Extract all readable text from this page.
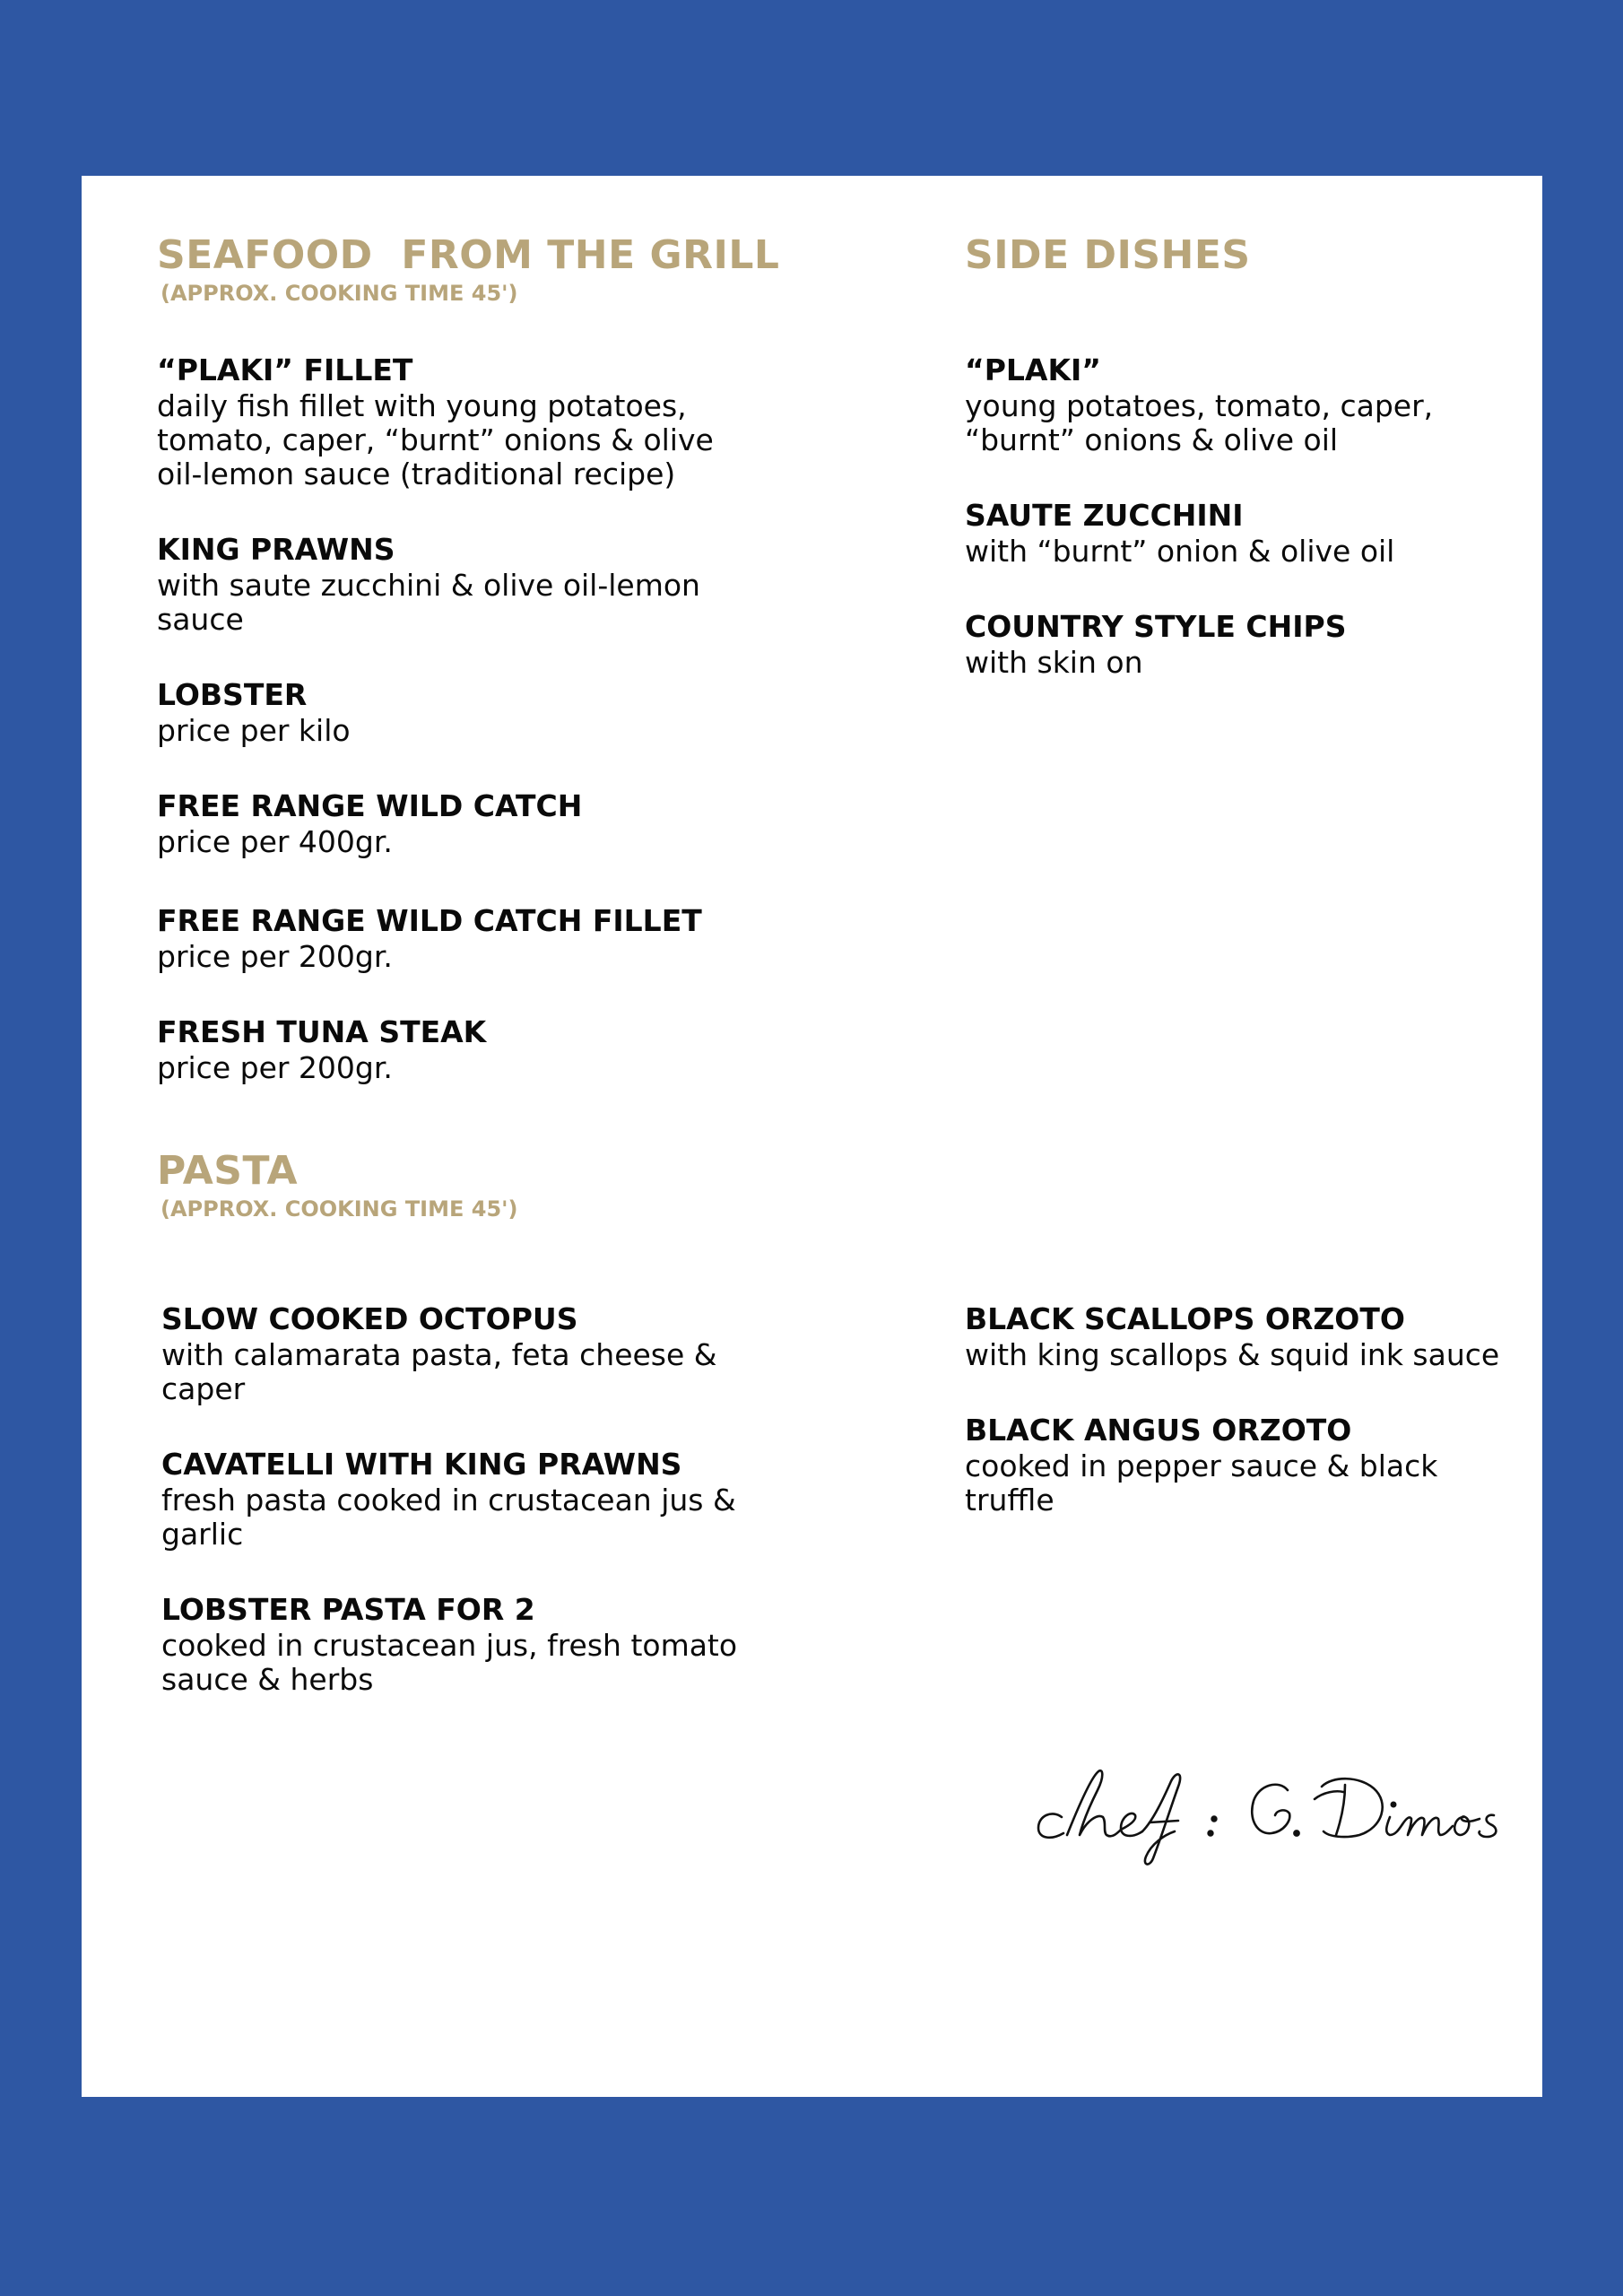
SEAFOOD  FROM THE GRILL

(APPROX. COOKING TIME 45')

“PLAKI” FILLET
daily fish fillet with young potatoes, tomato, caper, “burnt” onions & olive oil-lemon sauce (traditional recipe)
KING PRAWNS
with saute zucchini & olive oil-lemon sauce
LOBSTER
price per kilo
FREE RANGE WILD CATCH
price per 400gr.
FREE RANGE WILD CATCH FILLET
price per 200gr.
FRESH TUNA STEAK
price per 200gr.
SIDE DISHES
“PLAKI”
young potatoes, tomato, caper, “burnt” onions & olive oil
SAUTE ZUCCHINI
with “burnt” onion & olive oil
COUNTRY STYLE CHIPS
with skin on
PASTA

(APPROX. COOKING TIME 45')

SLOW COOKED OCTOPUS
with calamarata pasta, feta cheese & caper
CAVATELLI WITH KING PRAWNS
fresh pasta cooked in crustacean jus & garlic
LOBSTER PASTA FOR 2
cooked in crustacean jus, fresh tomato sauce & herbs
BLACK SCALLOPS ORZOTO
with king scallops & squid ink sauce
BLACK ANGUS ORZOTO
cooked in pepper sauce & black truffle
